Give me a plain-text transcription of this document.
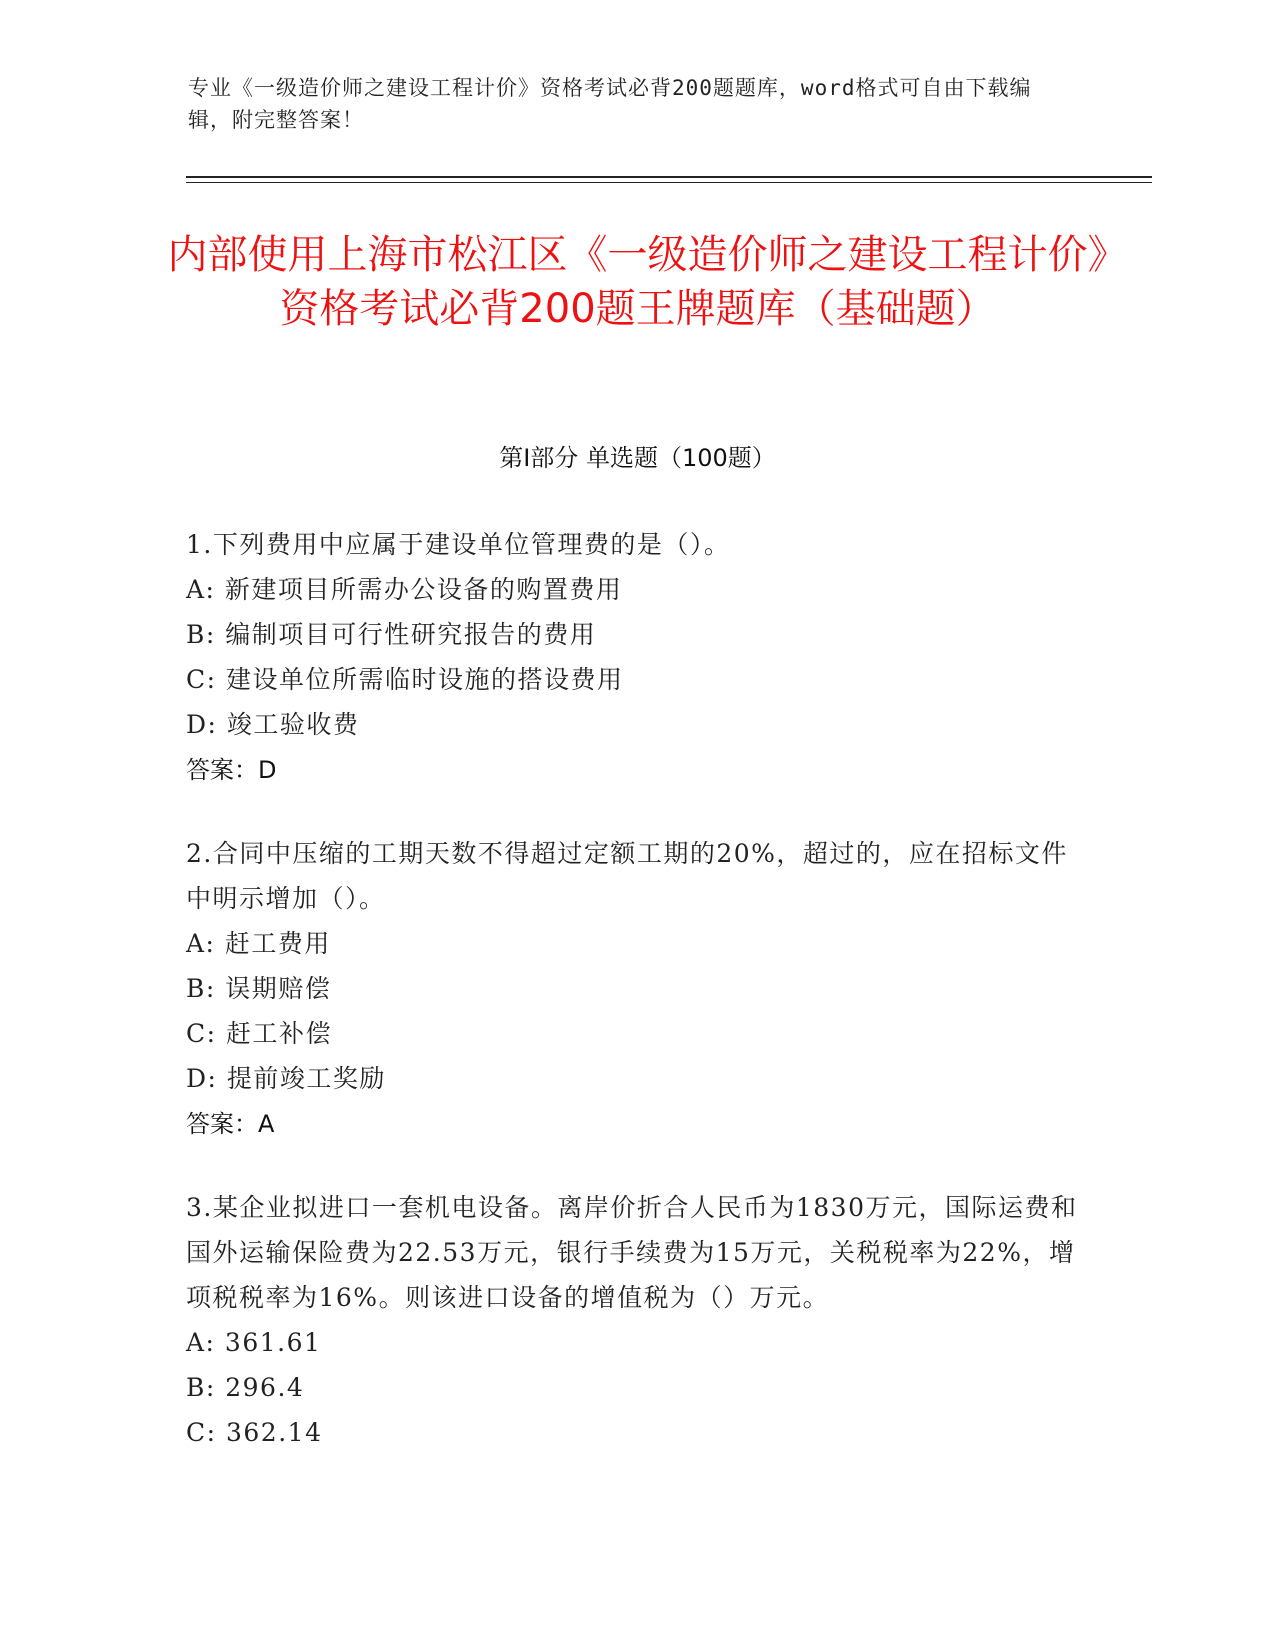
专业《一级造价师之建设工程计价》资格考试必背200题题库，word格式可自由下载编辑，附完整答案！
内部使用上海市松江区《一级造价师之建设工程计价》资格考试必背200题王牌题库（基础题）
第Ⅰ部分 单选题（100题）
1.下列费用中应属于建设单位管理费的是（）。
A: 新建项目所需办公设备的购置费用
B: 编制项目可行性研究报告的费用
C: 建设单位所需临时设施的搭设费用
D: 竣工验收费
答案：D
2.合同中压缩的工期天数不得超过定额工期的20%，超过的，应在招标文件中明示增加（）。
A: 赶工费用
B: 误期赔偿
C: 赶工补偿
D: 提前竣工奖励
答案：A
3.某企业拟进口一套机电设备。离岸价折合人民币为1830万元，国际运费和国外运输保险费为22.53万元，银行手续费为15万元，关税税率为22%，增项税税率为16%。则该进口设备的增值税为（）万元。
A: 361.61
B: 296.4
C: 362.14
